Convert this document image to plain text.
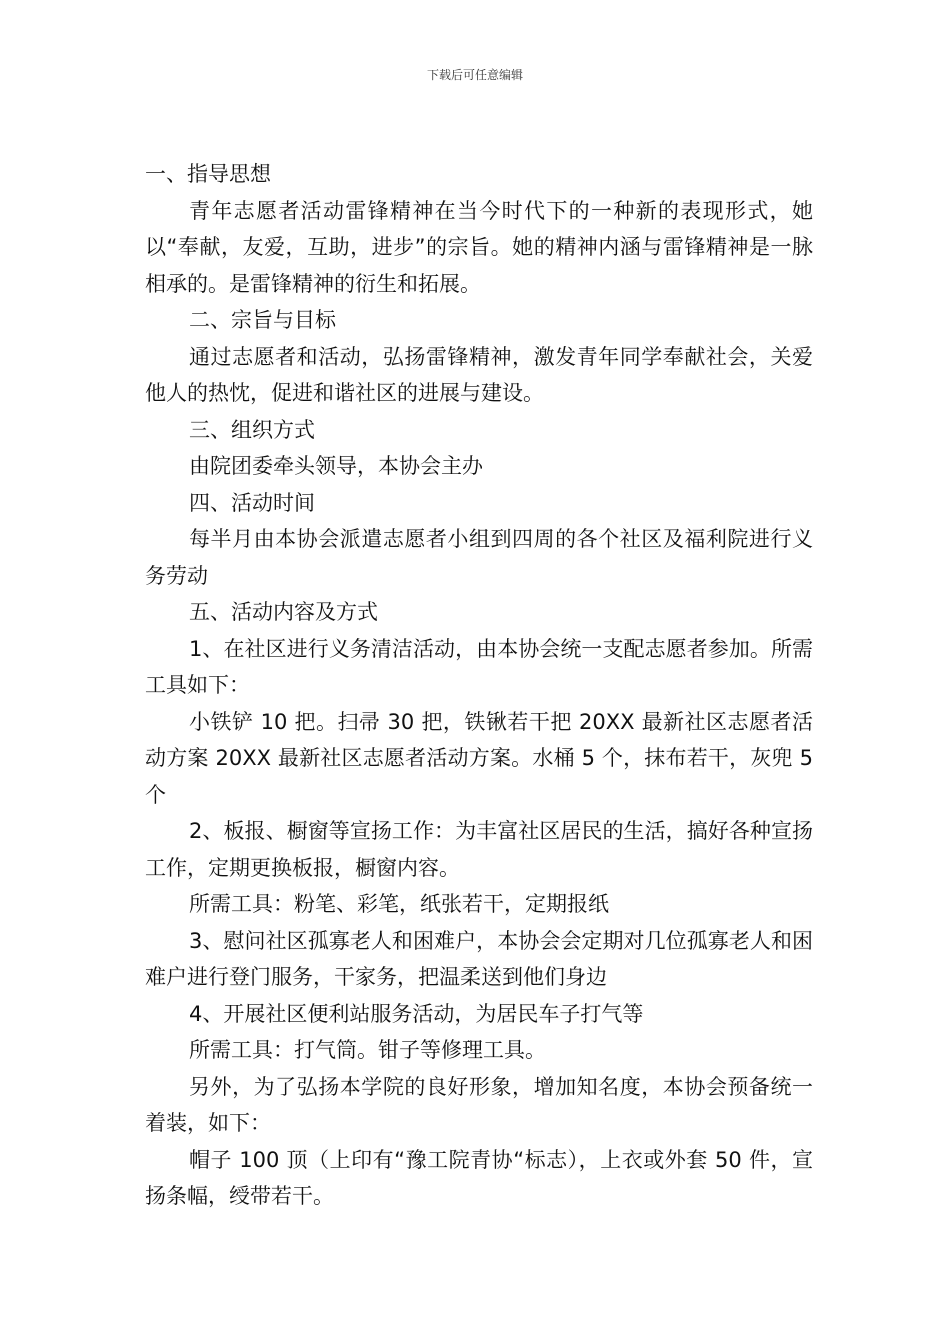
下载后可任意编辑

一、指导思想

青年志愿者活动雷锋精神在当今时代下的一种新的表现形式，她以“奉献，友爱，互助，进步”的宗旨。她的精神内涵与雷锋精神是一脉相承的。是雷锋精神的衍生和拓展。

二、宗旨与目标

通过志愿者和活动，弘扬雷锋精神，激发青年同学奉献社会，关爱他人的热忱，促进和谐社区的进展与建设。

三、组织方式

由院团委牵头领导，本协会主办

四、活动时间

每半月由本协会派遣志愿者小组到四周的各个社区及福利院进行义务劳动

五、活动内容及方式

1、在社区进行义务清洁活动，由本协会统一支配志愿者参加。所需工具如下：

小铁铲 10 把。扫帚 30 把，铁锹若干把 20XX 最新社区志愿者活动方案 20XX 最新社区志愿者活动方案。水桶 5 个，抹布若干，灰兜 5 个

2、板报、橱窗等宣扬工作：为丰富社区居民的生活，搞好各种宣扬工作，定期更换板报，橱窗内容。

所需工具：粉笔、彩笔，纸张若干，定期报纸

3、慰问社区孤寡老人和困难户，本协会会定期对几位孤寡老人和困难户进行登门服务，干家务，把温柔送到他们身边

4、开展社区便利站服务活动，为居民车子打气等

所需工具：打气筒。钳子等修理工具。

另外，为了弘扬本学院的良好形象，增加知名度，本协会预备统一着装，如下：

帽子 100 顶（上印有“豫工院青协“标志），上衣或外套 50 件，宣扬条幅，绶带若干。
